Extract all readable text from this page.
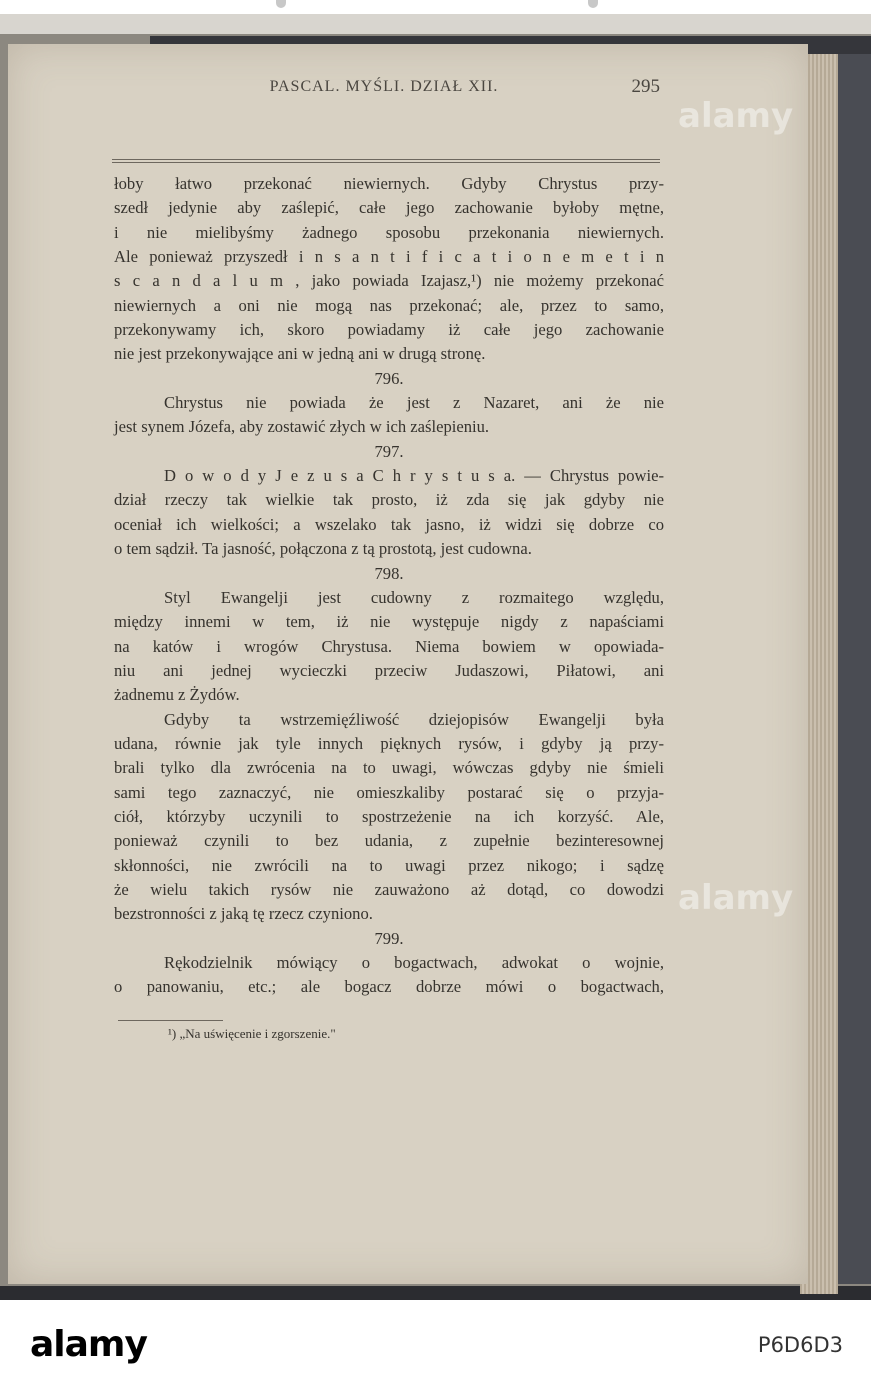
PASCAL. MYŚLI. DZIAŁ XII.	295
łoby łatwo przekonać niewiernych. Gdyby Chrystus przy-
szedł jedynie aby zaślepić, całe jego zachowanie byłoby mętne,
i nie mielibyśmy żadnego sposobu przekonania niewiernych.
Ale ponieważ przyszedł i n s a n t i f i c a t i o n e m e t i n
s c a n d a l u m , jako powiada Izajasz,¹) nie możemy przekonać
niewiernych a oni nie mogą nas przekonać; ale, przez to samo,
przekonywamy ich, skoro powiadamy iż całe jego zachowanie
nie jest przekonywające ani w jedną ani w drugą stronę.
796.
Chrystus nie powiada że jest z Nazaret, ani że nie
jest synem Józefa, aby zostawić złych w ich zaślepieniu.
797.
D o w o d y J e z u s a C h r y s t u s a. — Chrystus powie-
dział rzeczy tak wielkie tak prosto, iż zda się jak gdyby nie
oceniał ich wielkości; a wszelako tak jasno, iż widzi się dobrze co
o tem sądził. Ta jasność, połączona z tą prostotą, jest cudowna.
798.
Styl Ewangelji jest cudowny z rozmaitego względu,
między innemi w tem, iż nie występuje nigdy z napaściami
na katów i wrogów Chrystusa. Niema bowiem w opowiada-
niu ani jednej wycieczki przeciw Judaszowi, Piłatowi, ani
żadnemu z Żydów.
Gdyby ta wstrzemięźliwość dziejopisów Ewangelji była
udana, równie jak tyle innych pięknych rysów, i gdyby ją przy-
brali tylko dla zwrócenia na to uwagi, wówczas gdyby nie śmieli
sami tego zaznaczyć, nie omieszkaliby postarać się o przyja-
ciół, którzyby uczynili to spostrzeżenie na ich korzyść. Ale,
ponieważ czynili to bez udania, z zupełnie bezinteresownej
skłonności, nie zwrócili na to uwagi przez nikogo; i sądzę
że wielu takich rysów nie zauważono aż dotąd, co dowodzi
bezstronności z jaką tę rzecz czyniono.
799.
Rękodzielnik mówiący o bogactwach, adwokat o wojnie,
o panowaniu, etc.; ale bogacz dobrze mówi o bogactwach,
¹) „Na uświęcenie i zgorszenie."
alamy
alamy
alamy	P6D6D3
